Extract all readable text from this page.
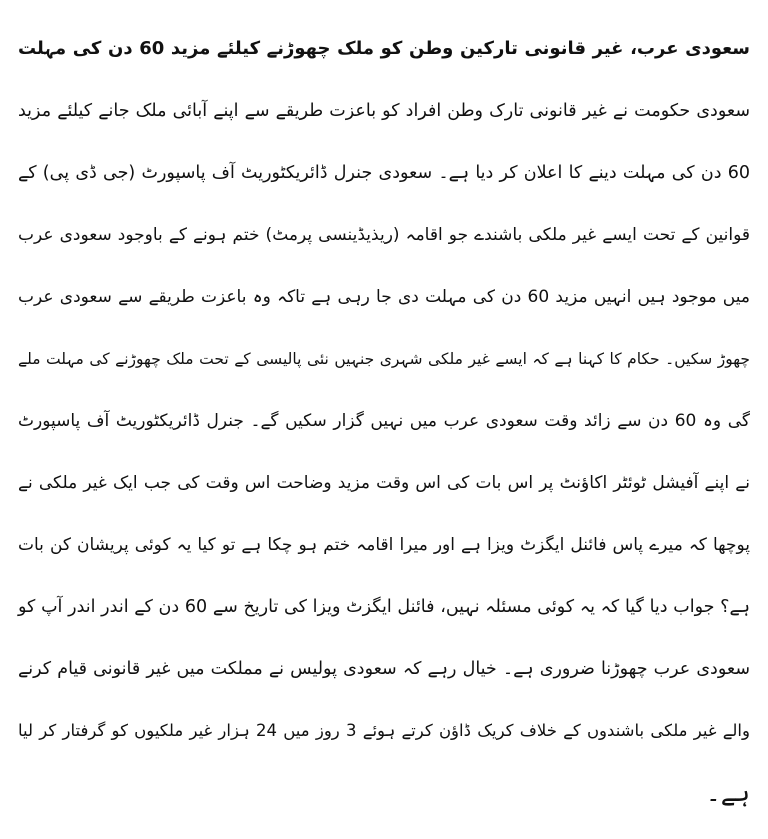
سعودی عرب، غیر قانونی تارکین وطن کو ملک چھوڑنے کیلئے مزید 60 دن کی مہلت

سعودی حکومت نے غیر قانونی تارک وطن افراد کو باعزت طریقے سے اپنے آبائی ملک جانے کیلئے مزید

60 دن کی مہلت دینے کا اعلان کر دیا ہے۔ سعودی جنرل ڈائریکٹوریٹ آف پاسپورٹ (جی ڈی پی) کے

قوانین کے تحت ایسے غیر ملکی باشندے جو اقامہ (ریذیڈینسی پرمٹ) ختم ہونے کے باوجود سعودی عرب

میں موجود ہیں انہیں مزید 60 دن کی مہلت دی جا رہی ہے تاکہ وہ باعزت طریقے سے سعودی عرب

چھوڑ سکیں۔ حکام کا کہنا ہے کہ ایسے غیر ملکی شہری جنہیں نئی پالیسی کے تحت ملک چھوڑنے کی مہلت ملے

گی وہ 60 دن سے زائد وقت سعودی عرب میں نہیں گزار سکیں گے۔ جنرل ڈائریکٹوریٹ آف پاسپورٹ

نے اپنے آفیشل ٹوئٹر اکاؤنٹ پر اس بات کی اس وقت مزید وضاحت اس وقت کی جب ایک غیر ملکی نے

پوچھا کہ میرے پاس فائنل ایگزٹ ویزا ہے اور میرا اقامہ ختم ہو چکا ہے تو کیا یہ کوئی پریشان کن بات

ہے؟ جواب دیا گیا کہ یہ کوئی مسئلہ نہیں، فائنل ایگزٹ ویزا کی تاریخ سے 60 دن کے اندر اندر آپ کو

سعودی عرب چھوڑنا ضروری ہے۔ خیال رہے کہ سعودی پولیس نے مملکت میں غیر قانونی قیام کرنے

والے غیر ملکی باشندوں کے خلاف کریک ڈاؤن کرتے ہوئے 3 روز میں 24 ہزار غیر ملکیوں کو گرفتار کر لیا

ہے۔
